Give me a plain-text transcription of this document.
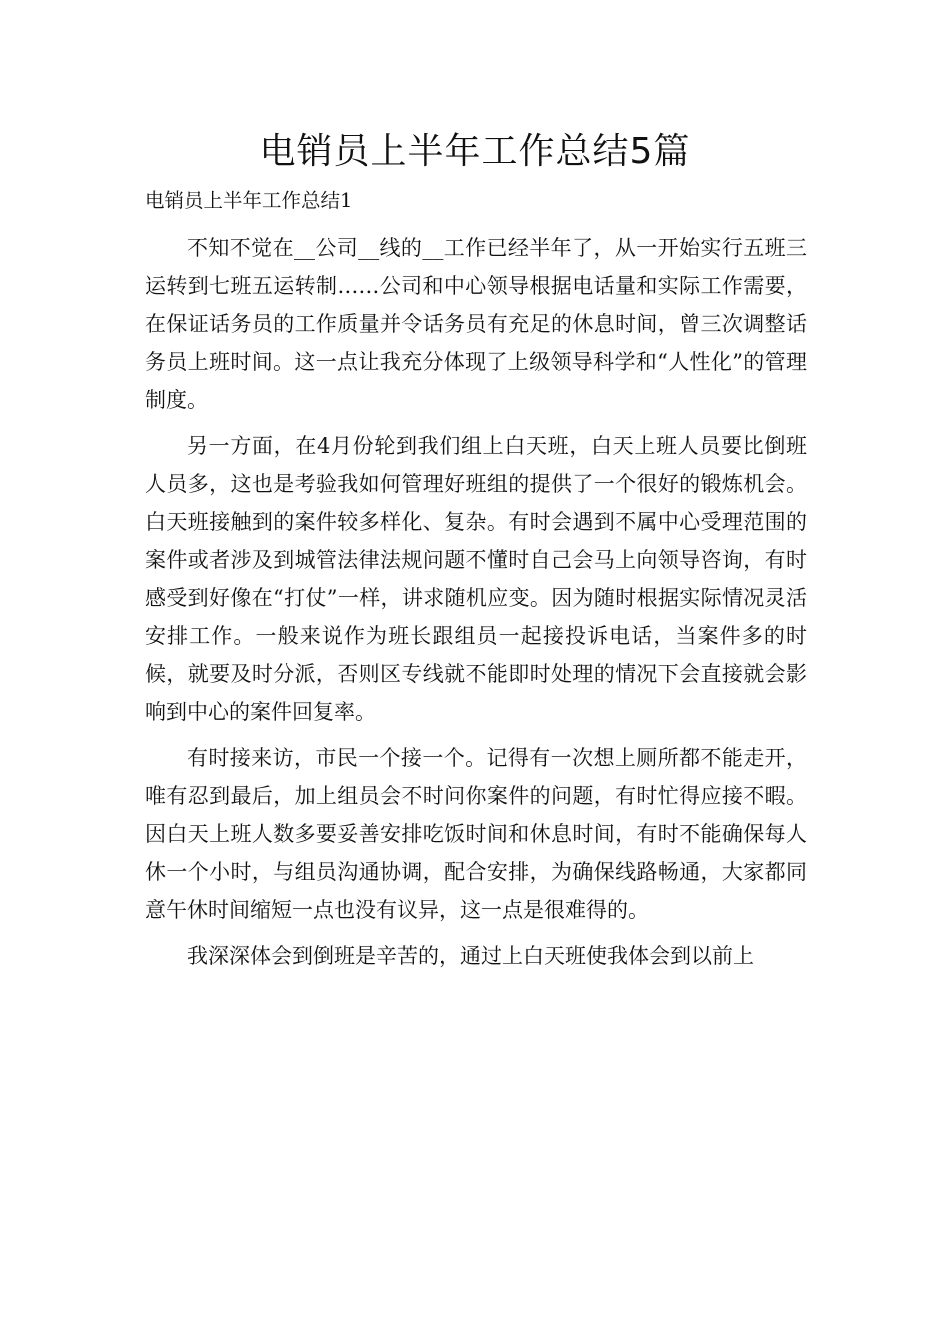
电销员上半年工作总结5篇
电销员上半年工作总结1

不知不觉在__公司__线的__工作已经半年了，从一开始实行五班三运转到七班五运转制……公司和中心领导根据电话量和实际工作需要，在保证话务员的工作质量并令话务员有充足的休息时间，曾三次调整话务员上班时间。这一点让我充分体现了上级领导科学和“人性化”的管理制度。

另一方面，在4月份轮到我们组上白天班，白天上班人员要比倒班人员多，这也是考验我如何管理好班组的提供了一个很好的锻炼机会。白天班接触到的案件较多样化、复杂。有时会遇到不属中心受理范围的案件或者涉及到城管法律法规问题不懂时自己会马上向领导咨询，有时感受到好像在“打仗”一样，讲求随机应变。因为随时根据实际情况灵活安排工作。一般来说作为班长跟组员一起接投诉电话，当案件多的时候，就要及时分派，否则区专线就不能即时处理的情况下会直接就会影响到中心的案件回复率。

有时接来访，市民一个接一个。记得有一次想上厕所都不能走开，唯有忍到最后，加上组员会不时问你案件的问题，有时忙得应接不暇。因白天上班人数多要妥善安排吃饭时间和休息时间，有时不能确保每人休一个小时，与组员沟通协调，配合安排，为确保线路畅通，大家都同意午休时间缩短一点也没有议异，这一点是很难得的。

我深深体会到倒班是辛苦的，通过上白天班使我体会到以前上
